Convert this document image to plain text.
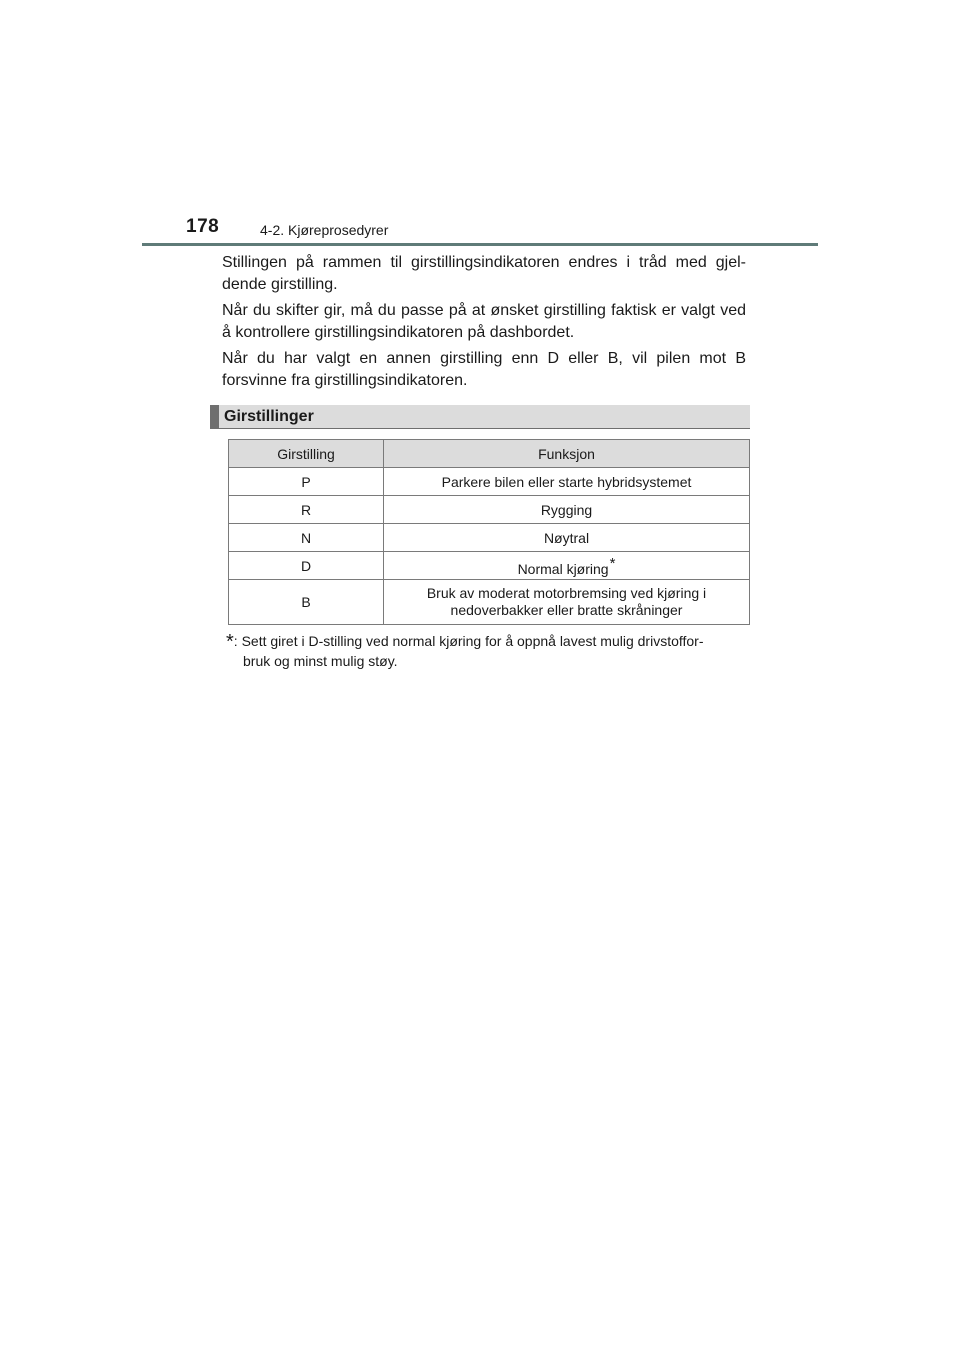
178	4-2. Kjøreprosedyrer

Stillingen på rammen til girstillingsindikatoren endres i tråd med gjel-dende girstilling.

Når du skifter gir, må du passe på at ønsket girstilling faktisk er valgt ved å kontrollere girstillingsindikatoren på dashbordet.

Når du har valgt en annen girstilling enn D eller B, vil pilen mot B forsvinne fra girstillingsindikatoren.

Girstillinger
Girstilling	Funksjon
P	Parkere bilen eller starte hybridsystemet
R	Rygging
N	Nøytral
D	Normal kjøring*
B	Bruk av moderat motorbremsing ved kjøring i
nedoverbakker eller bratte skråninger
*: Sett giret i D-stilling ved normal kjøring for å oppnå lavest mulig drivstoffor-
bruk og minst mulig støy.
